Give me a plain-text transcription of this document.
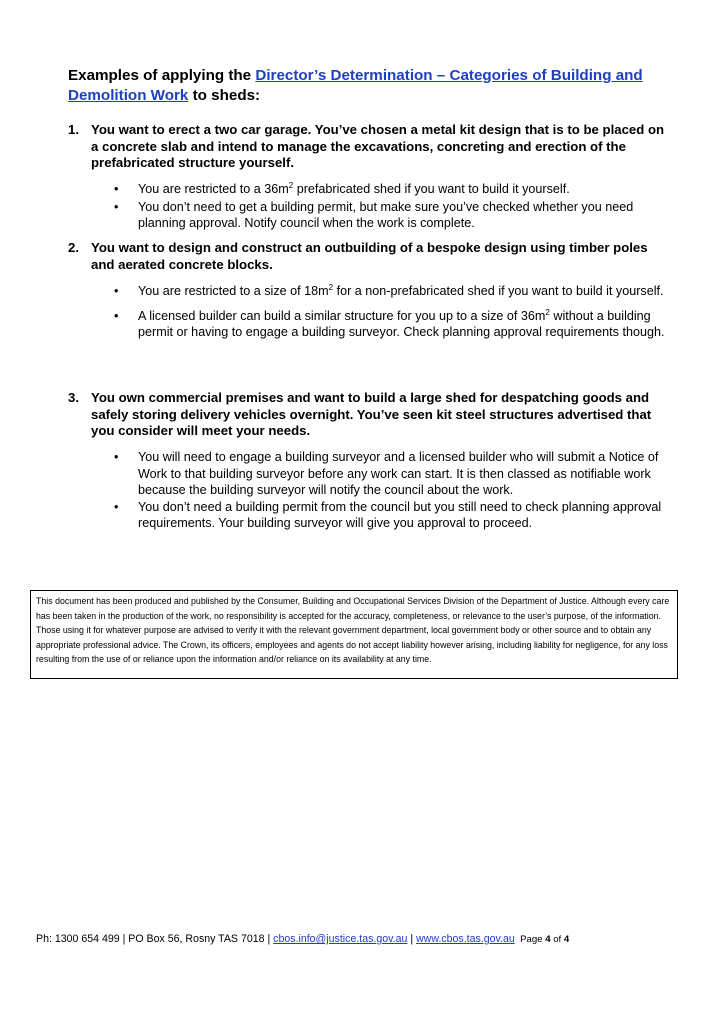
Examples of applying the Director’s Determination – Categories of Building and Demolition Work to sheds:
1. You want to erect a two car garage. You’ve chosen a metal kit design that is to be placed on a concrete slab and intend to manage the excavations, concreting and erection of the prefabricated structure yourself.
• You are restricted to a $36m^2$ prefabricated shed if you want to build it yourself.
• You don’t need to get a building permit, but make sure you’ve checked whether you need planning approval. Notify council when the work is complete.
2. You want to design and construct an outbuilding of a bespoke design using timber poles and aerated concrete blocks.
• You are restricted to a size of $18m^2$ for a non-prefabricated shed if you want to build it yourself.
• A licensed builder can build a similar structure for you up to a size of $36m^2$ without a building permit or having to engage a building surveyor. Check planning approval requirements though.
3. You own commercial premises and want to build a large shed for despatching goods and safely storing delivery vehicles overnight. You’ve seen kit steel structures advertised that you consider will meet your needs.
• You will need to engage a building surveyor and a licensed builder who will submit a Notice of Work to that building surveyor before any work can start. It is then classed as notifiable work because the building surveyor will notify the council about the work.
• You don’t need a building permit from the council but you still need to check planning approval requirements. Your building surveyor will give you approval to proceed.
This document has been produced and published by the Consumer, Building and Occupational Services Division of the Department of Justice. Although every care has been taken in the production of the work, no responsibility is accepted for the accuracy, completeness, or relevance to the user’s purpose, of the information. Those using it for whatever purpose are advised to verify it with the relevant government department, local government body or other source and to obtain any appropriate professional advice. The Crown, its officers, employees and agents do not accept liability however arising, including liability for negligence, for any loss resulting from the use of or reliance upon the information and/or reliance on its availability at any time.
Ph: 1300 654 499 | PO Box 56, Rosny TAS 7018 | cbos.info@justice.tas.gov.au | www.cbos.tas.gov.au Page 4 of 4
